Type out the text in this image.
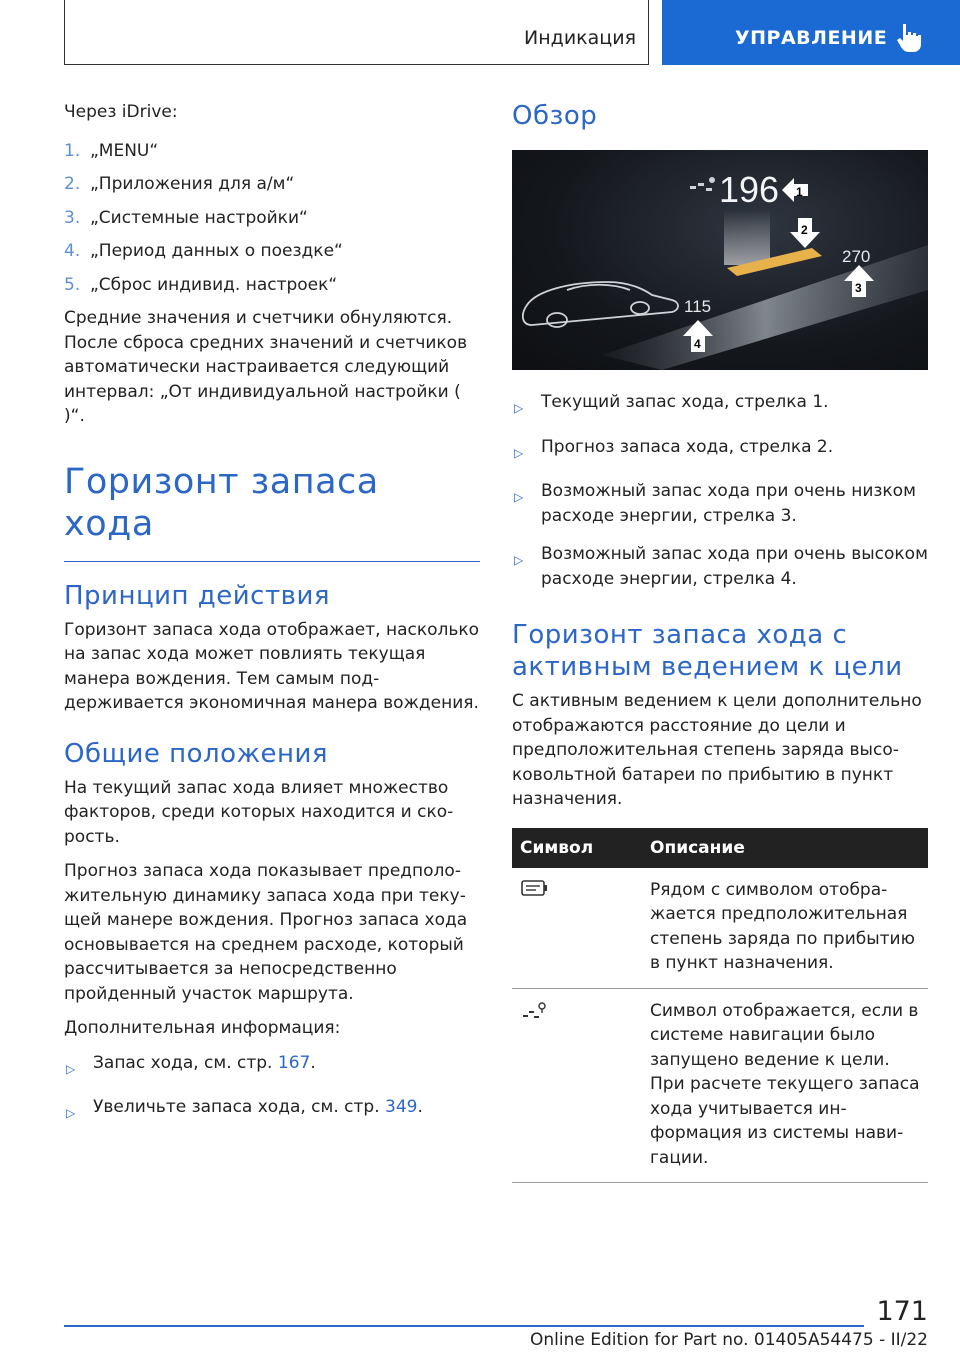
Индикация	УПРАВЛЕНИЕ

Через iDrive:

1. „MENU“
2. „Приложения для а/м“
3. „Системные настройки“
4. „Период данных о поездке“
5. „Сброс индивид. настроек“

Средние значения и счетчики обнуляются. После сброса средних значений и счетчиков автоматически настраивается следующий интервал: „От индивидуальной настройки ( )“.

Горизонт запаса хода
Принцип действия

Горизонт запаса хода отображает, насколько на запас хода может повлиять текущая манера вождения. Тем самым поддерживается экономичная манера вождения.

Общие положения

На текущий запас хода влияет множество факторов, среди которых находится и скорость.

Прогноз запаса хода показывает предположительную динамику запаса хода при текущей манере вождения. Прогноз запаса хода основывается на среднем расходе, который рассчитывается за непосредственно пройденный участок маршрута.

Дополнительная информация:

▷	Запас хода, см. стр. 167.
▷	Увеличьте запаса хода, см. стр. 349.
Обзор
196
270
115
1
2
3
4
▷	Текущий запас хода, стрелка 1.
▷	Прогноз запаса хода, стрелка 2.
▷	Возможный запас хода при очень низком расходе энергии, стрелка 3.
▷	Возможный запас хода при очень высоком расходе энергии, стрелка 4.
Горизонт запаса хода с активным ведением к цели

С активным ведением к цели дополнительно отображаются расстояние до цели и предположительная степень заряда высоковольтной батареи по прибытию в пункт назначения.

Символ	Описание
	Рядом с символом отображается предположительная степень заряда по прибытию в пункт назначения.
	Символ отображается, если в системе навигации было запущено ведение к цели. При расчете текущего запаса хода учитывается информация из системы навигации.
171
Online Edition for Part no. 01405A54475 - II/22
